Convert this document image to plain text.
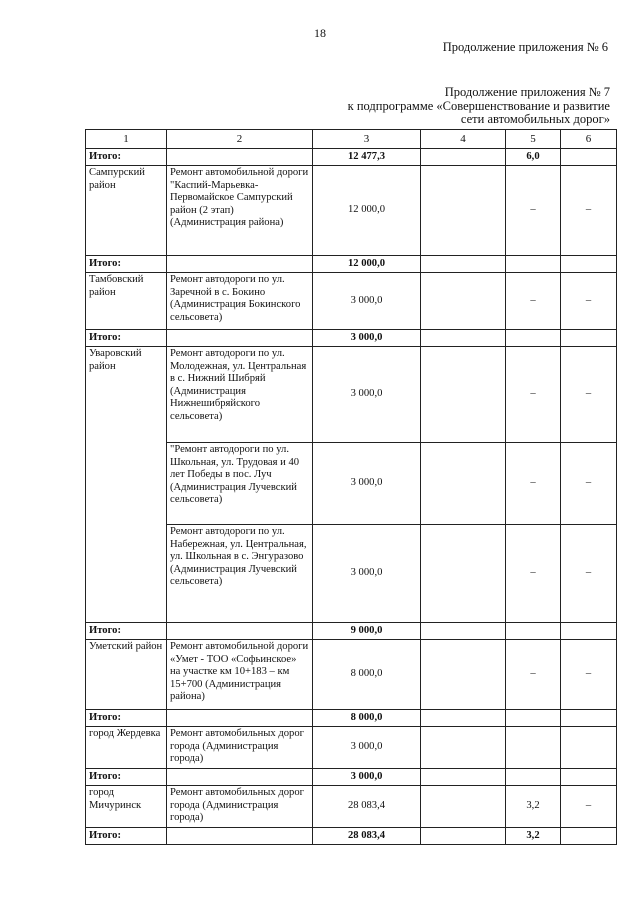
18
Продолжение приложения № 6
Продолжение приложения № 7
к подпрограмме «Совершенствование и развитие
сети автомобильных дорог»
1	2	3	4	5	6
Итого:		12 477,3		6,0	
Сампурский район	Ремонт автомобильной дороги "Каспий-Марьевка-Первомайское Сампурский район (2 этап) (Администрация района)	12 000,0		–	–
Итого:		12 000,0			
Тамбовский район	Ремонт автодороги по ул. Заречной в с. Бокино (Администрация Бокинского сельсовета)	3 000,0		–	–
Итого:		3 000,0			
Уваровский район	Ремонт автодороги по ул. Молодежная, ул. Центральная в с. Нижний Шибряй (Администрация Нижнешибряйского сельсовета)	3 000,0		–	–
	"Ремонт автодороги по ул. Школьная, ул. Трудовая и 40 лет Победы в пос. Луч (Администрация Лучевский сельсовета)	3 000,0		–	–
	Ремонт автодороги по ул. Набережная, ул. Центральная, ул. Школьная в с. Энгуразово (Администрация Лучевский сельсовета)	3 000,0		–	–
Итого:		9 000,0			
Уметский район	Ремонт автомобильной дороги «Умет - ТОО «Софьинское» на участке км 10+183 – км 15+700 (Администрация района)	8 000,0		–	–
Итого:		8 000,0			
город Жердевка	Ремонт автомобильных дорог города (Администрация города)	3 000,0			
Итого:		3 000,0			
город Мичуринск	Ремонт автомобильных дорог города (Администрация города)	28 083,4		3,2	–
Итого:		28 083,4		3,2	
